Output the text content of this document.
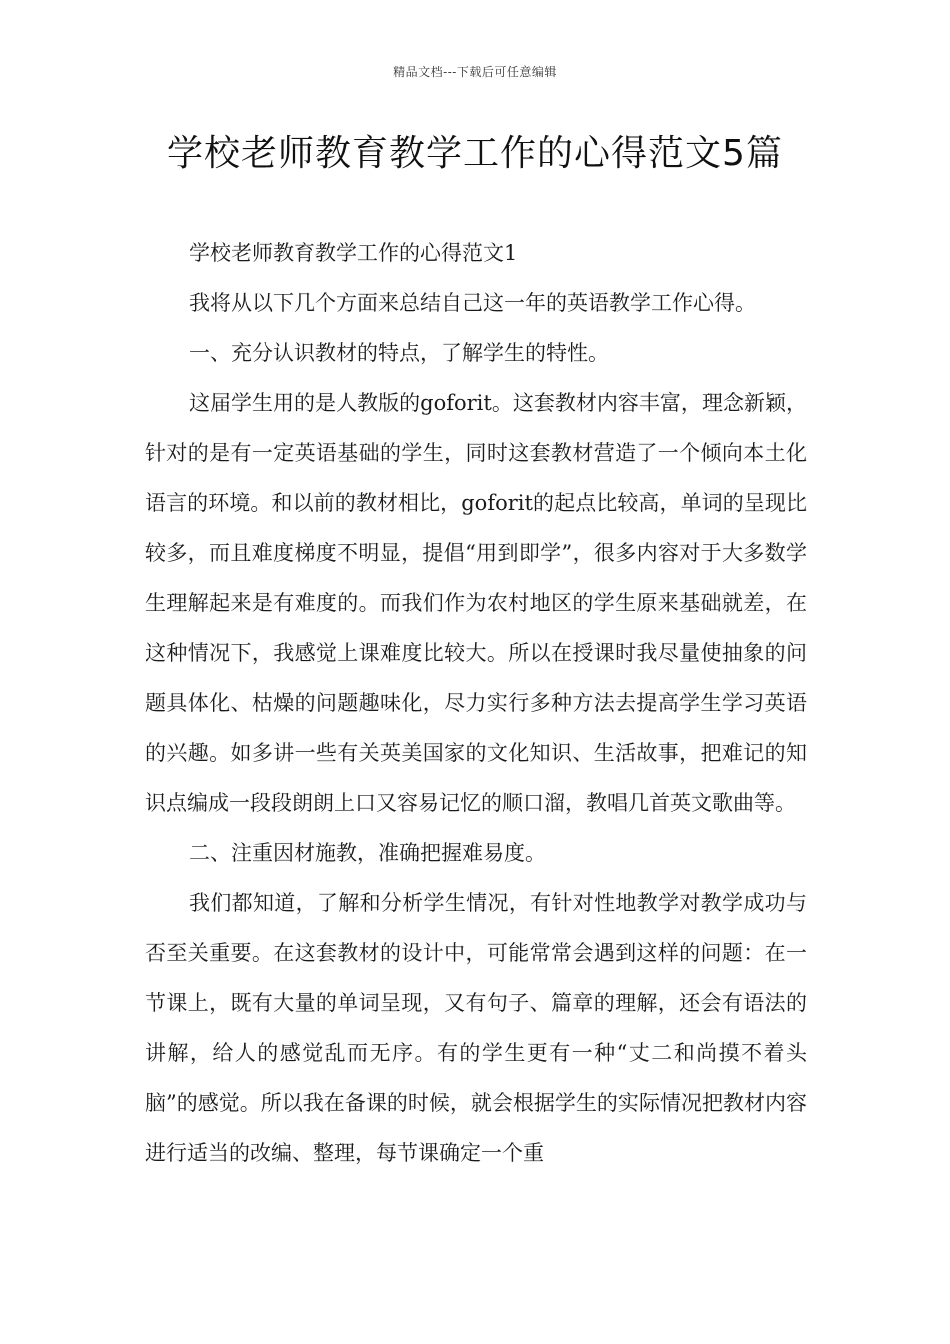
精品文档---下载后可任意编辑
学校老师教育教学工作的心得范文5篇

学校老师教育教学工作的心得范文1

我将从以下几个方面来总结自己这一年的英语教学工作心得。

一、充分认识教材的特点，了解学生的特性。

这届学生用的是人教版的goforit。这套教材内容丰富，理念新颖，针对的是有一定英语基础的学生，同时这套教材营造了一个倾向本土化语言的环境。和以前的教材相比，goforit的起点比较高，单词的呈现比较多，而且难度梯度不明显，提倡“用到即学”，很多内容对于大多数学生理解起来是有难度的。而我们作为农村地区的学生原来基础就差，在这种情况下，我感觉上课难度比较大。所以在授课时我尽量使抽象的问题具体化、枯燥的问题趣味化，尽力实行多种方法去提高学生学习英语的兴趣。如多讲一些有关英美国家的文化知识、生活故事，把难记的知识点编成一段段朗朗上口又容易记忆的顺口溜，教唱几首英文歌曲等。

二、注重因材施教，准确把握难易度。

我们都知道，了解和分析学生情况，有针对性地教学对教学成功与否至关重要。在这套教材的设计中，可能常常会遇到这样的问题：在一节课上，既有大量的单词呈现，又有句子、篇章的理解，还会有语法的讲解，给人的感觉乱而无序。有的学生更有一种“丈二和尚摸不着头脑”的感觉。所以我在备课的时候，就会根据学生的实际情况把教材内容进行适当的改编、整理，每节课确定一个重
